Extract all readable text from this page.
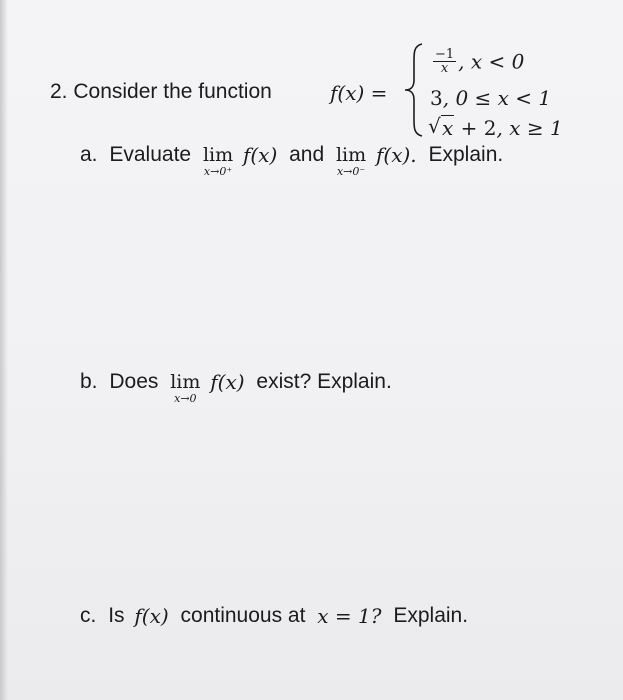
2. Consider the function	f(x) =
$\frac{-1}{x}$ , x < 0
3, 0 ≤ x < 1
√ x + 2, x ≥ 1
a. Evaluate lim
x→0⁺
f(x) and lim
x→0⁻
f(x). Explain.
b. Does lim
x→0
f(x) exist? Explain.
c. Is f(x) continuous at x = 1? Explain.
